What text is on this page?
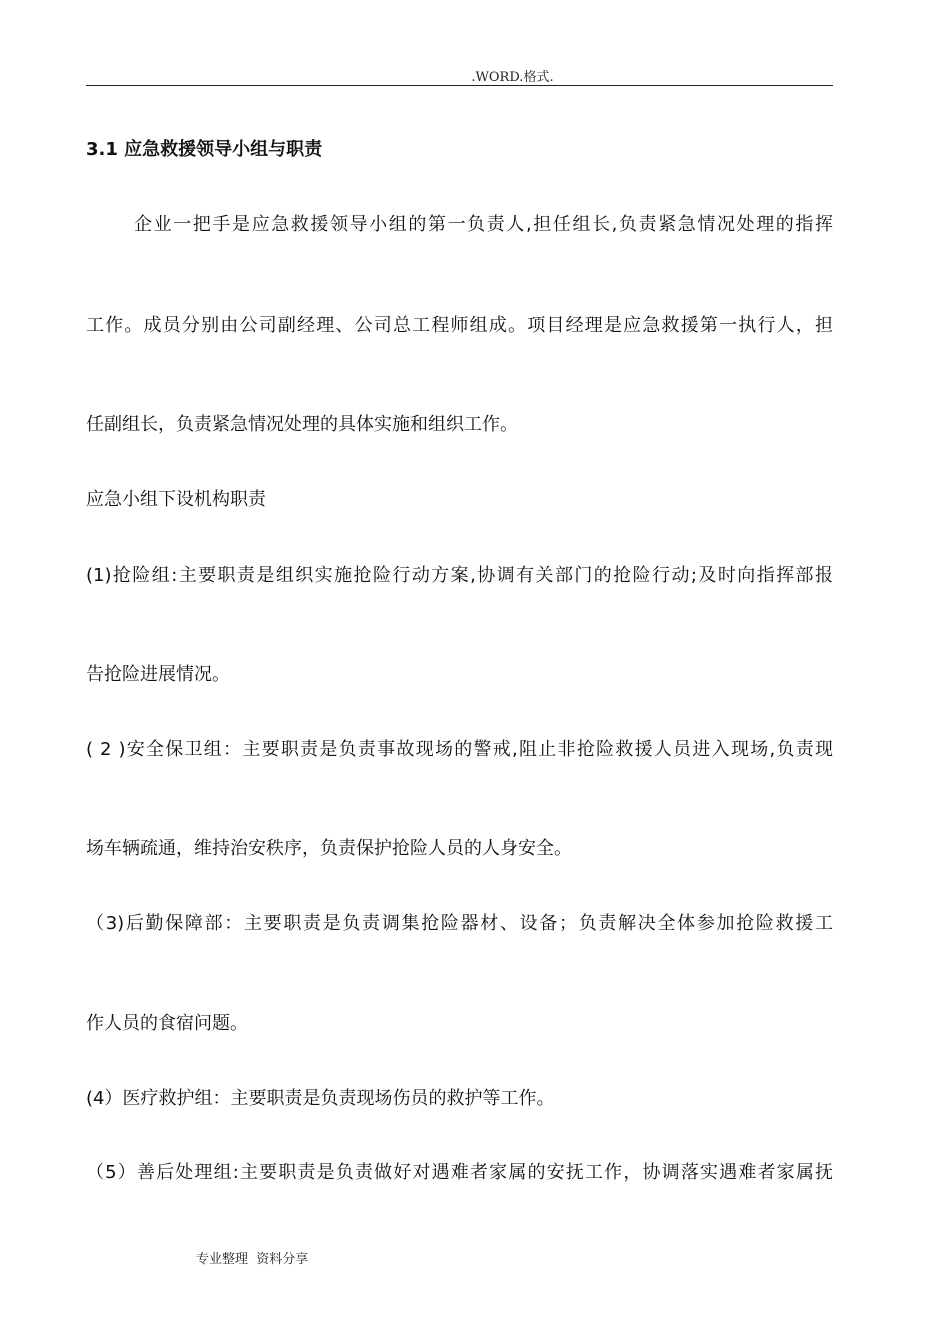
.WORD.格式.
3.1 应急救援领导小组与职责
企业一把手是应急救援领导小组的第一负责人,担任组长,负责紧急情况处理的指挥
工作。成员分别由公司副经理、公司总工程师组成。项目经理是应急救援第一执行人，担
任副组长，负责紧急情况处理的具体实施和组织工作。
应急小组下设机构职责
(1)抢险组:主要职责是组织实施抢险行动方案,协调有关部门的抢险行动;及时向指挥部报
告抢险进展情况。
( 2 )安全保卫组：主要职责是负责事故现场的警戒,阻止非抢险救援人员进入现场,负责现
场车辆疏通，维持治安秩序，负责保护抢险人员的人身安全。
（3)后勤保障部：主要职责是负责调集抢险器材、设备；负责解决全体参加抢险救援工
作人员的食宿问题。
(4）医疗救护组：主要职责是负责现场伤员的救护等工作。
（5）善后处理组:主要职责是负责做好对遇难者家属的安抚工作，协调落实遇难者家属抚
专业整理  资料分享
